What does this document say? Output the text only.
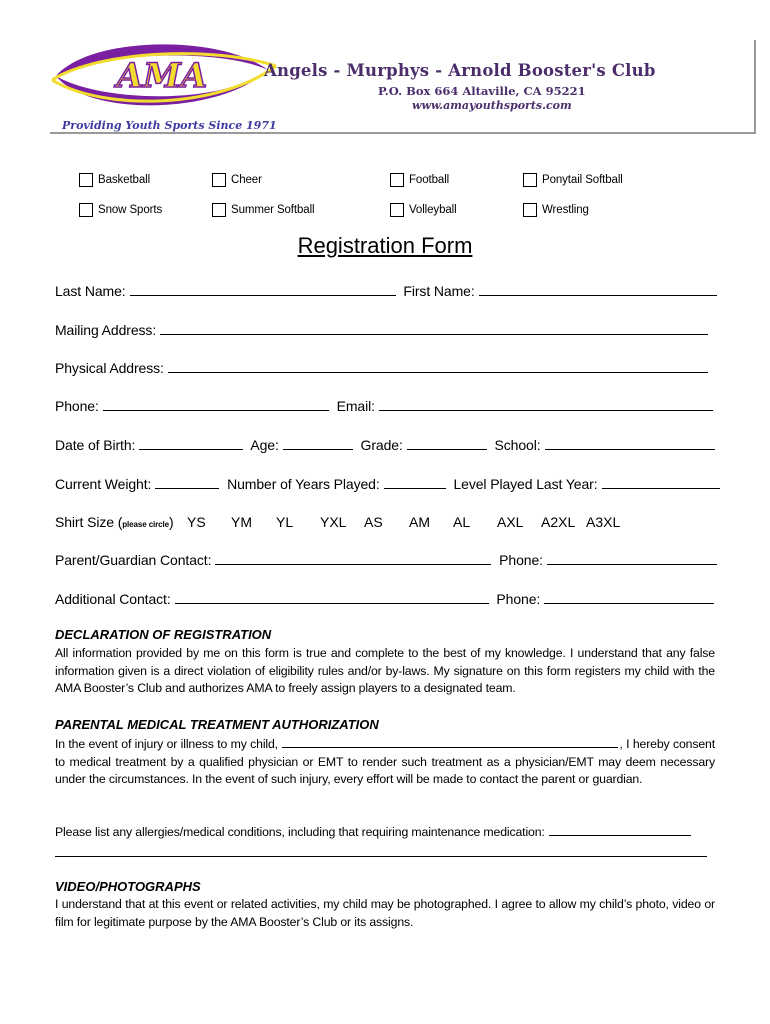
AMA	Angels - Murphys - Arnold Booster's Club
P.O. Box 664 Altaville, CA 95221
www.amayouthsports.com
Providing Youth Sports Since 1971
Basketball	Cheer	Football	Ponytail Softball
Snow Sports	Summer Softball	Volleyball	Wrestling
Registration Form
Last Name:	First Name:
Mailing Address:
Physical Address:
Phone:	Email:
Date of Birth:	Age:	Grade:	School:
Current Weight:	Number of Years Played:	Level Played Last Year:
Shirt Size (please circle) YS YM YL YXL AS AM AL AXL A2XL A3XL
Parent/Guardian Contact:	Phone:
Additional Contact:	Phone:
DECLARATION OF REGISTRATION
All information provided by me on this form is true and complete to the best of my knowledge. I understand that any false information given is a direct violation of eligibility rules and/or by-laws. My signature on this form registers my child with the AMA Booster’s Club and authorizes AMA to freely assign players to a designated team.
PARENTAL MEDICAL TREATMENT AUTHORIZATION
In the event of injury or illness to my child,	, I hereby consent to medical treatment by a qualified physician or EMT to render such treatment as a physician/EMT may deem necessary under the circumstances. In the event of such injury, every effort will be made to contact the parent or guardian.
Please list any allergies/medical conditions, including that requiring maintenance medication:
VIDEO/PHOTOGRAPHS
I understand that at this event or related activities, my child may be photographed. I agree to allow my child’s photo, video or film for legitimate purpose by the AMA Booster’s Club or its assigns.
